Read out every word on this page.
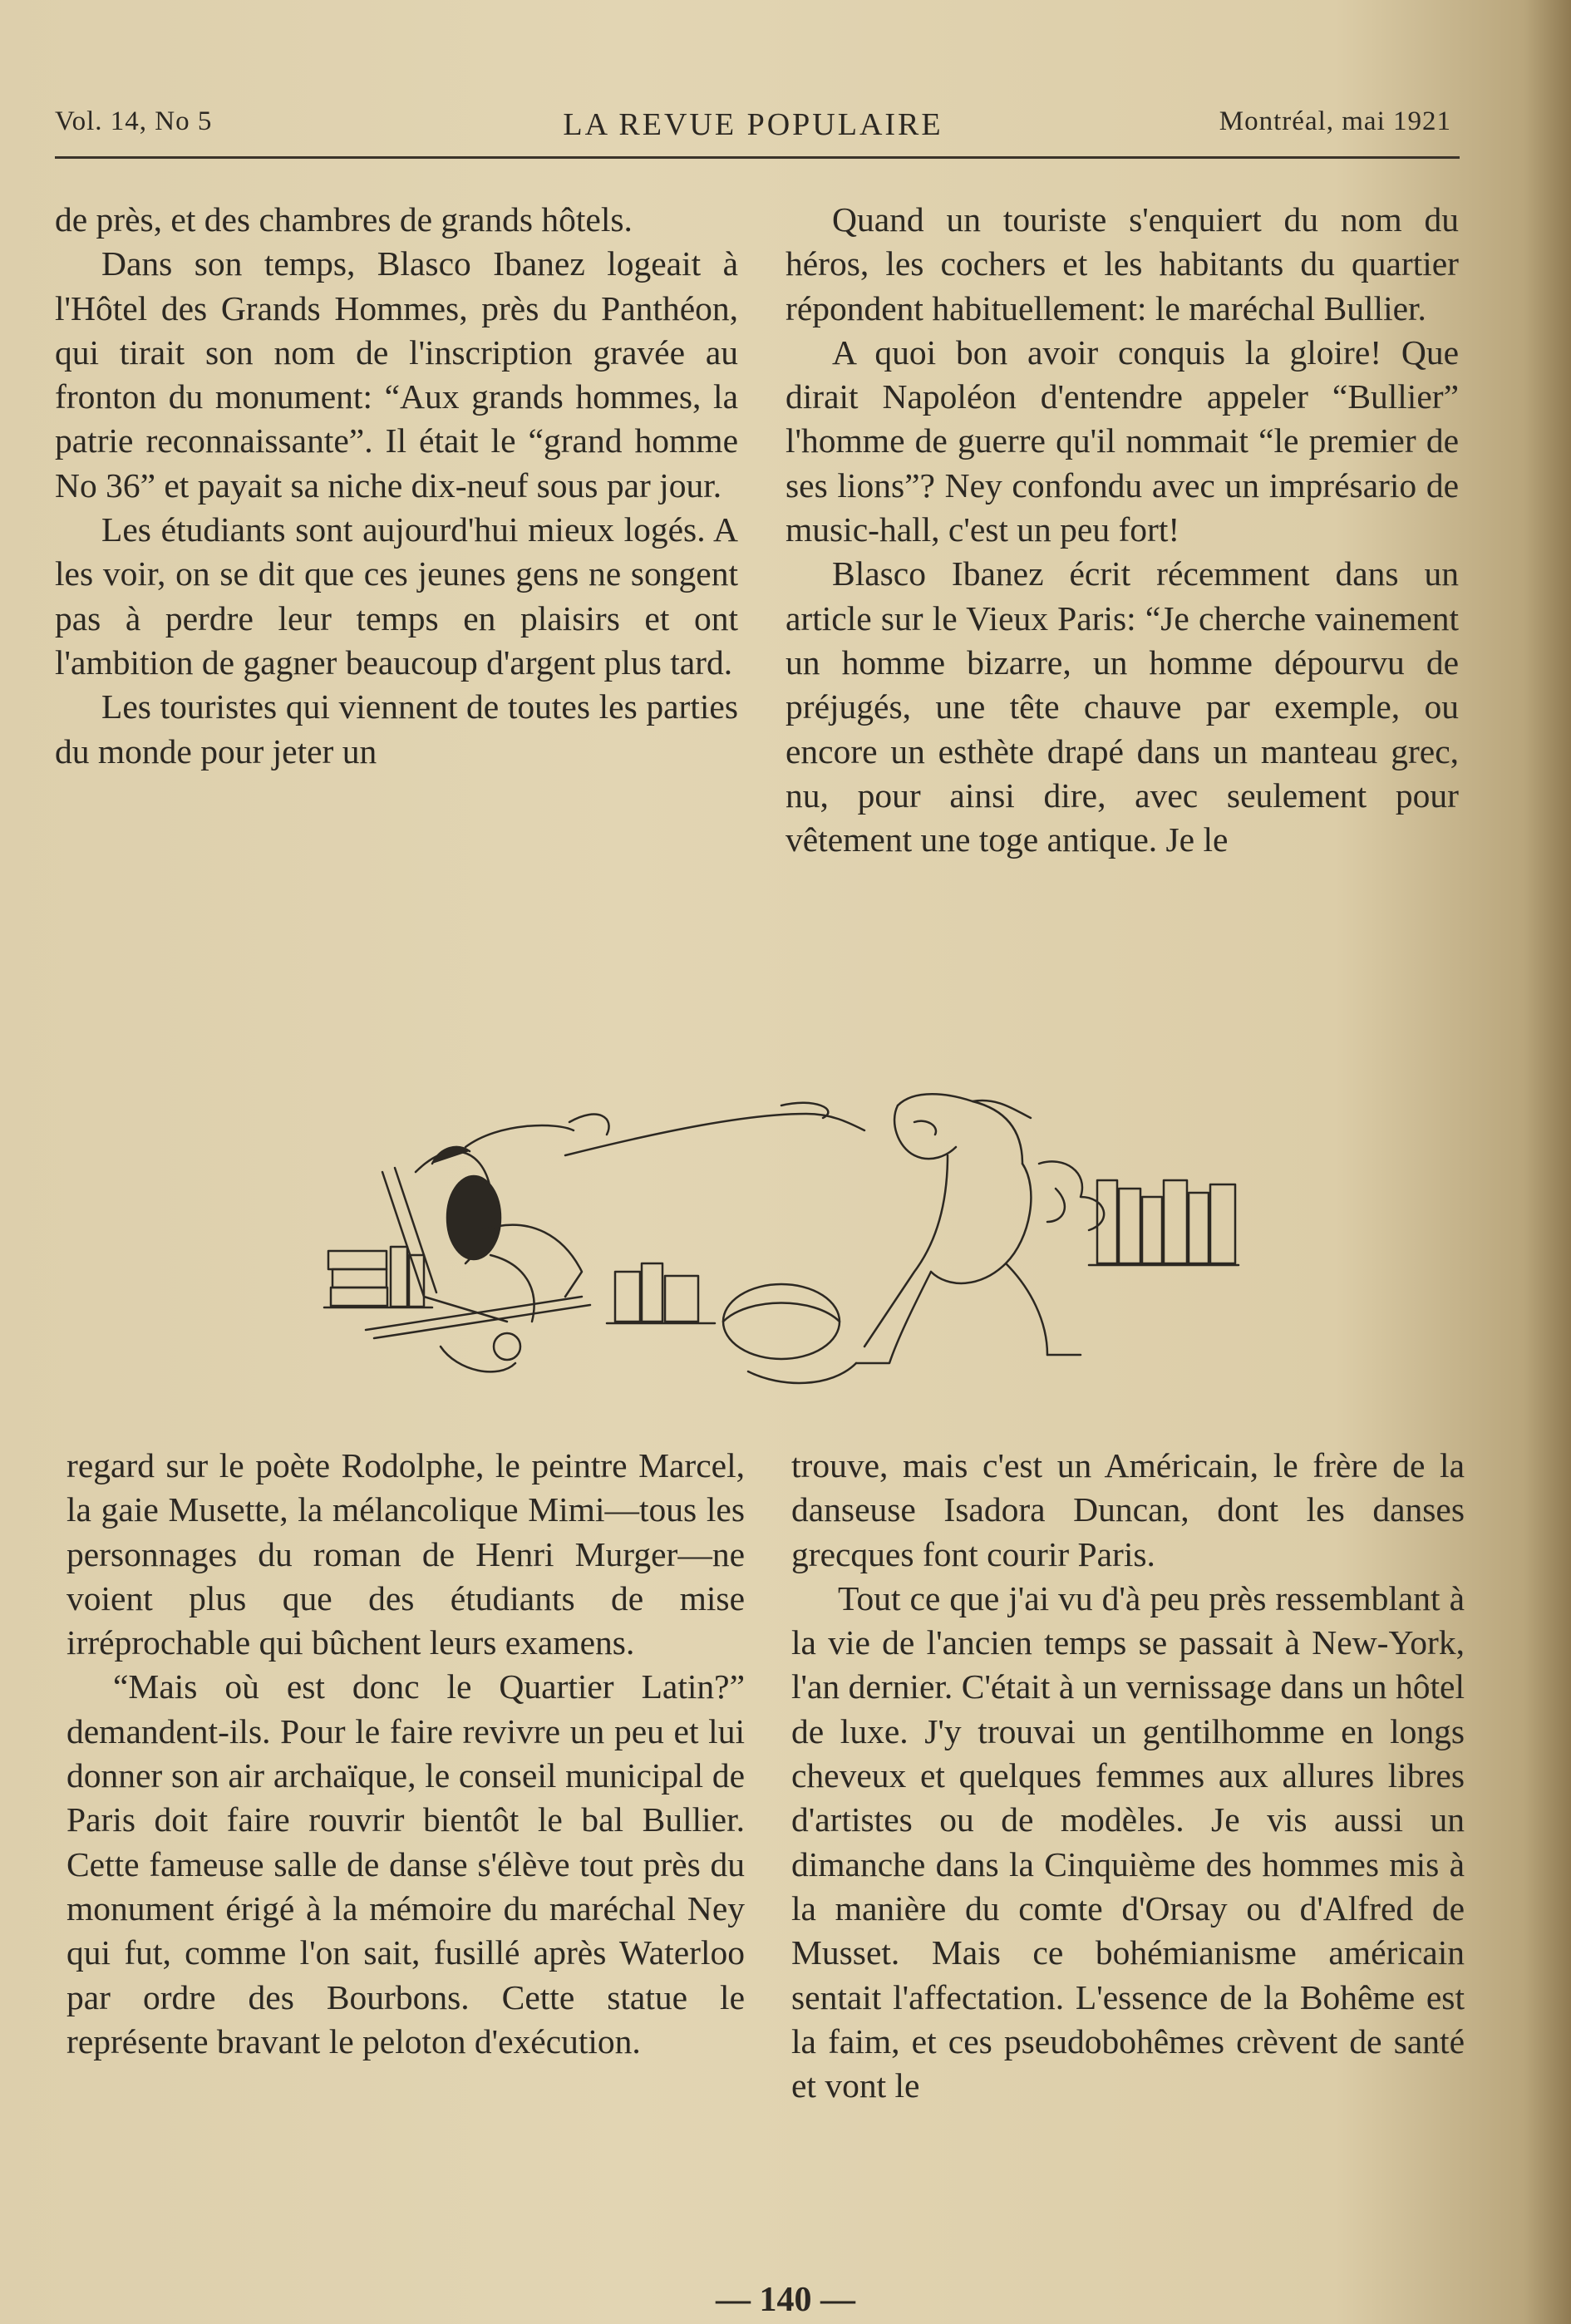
Vol. 14, No 5	LA REVUE POPULAIRE	Montréal, mai 1921

de près, et des chambres de grands hôtels.

Dans son temps, Blasco Ibanez logeait à l'Hôtel des Grands Hommes, près du Panthéon, qui tirait son nom de l'inscription gravée au fronton du monument: “Aux grands hommes, la patrie reconnaissante”. Il était le “grand homme No 36” et payait sa niche dix-neuf sous par jour.

Les étudiants sont aujourd'hui mieux logés. A les voir, on se dit que ces jeunes gens ne songent pas à perdre leur temps en plaisirs et ont l'ambition de gagner beaucoup d'argent plus tard.

Les touristes qui viennent de toutes les parties du monde pour jeter un

Quand un touriste s'enquiert du nom du héros, les cochers et les habitants du quartier répondent habituellement: le maréchal Bullier.

A quoi bon avoir conquis la gloire! Que dirait Napoléon d'entendre appeler “Bullier” l'homme de guerre qu'il nommait “le premier de ses lions”? Ney confondu avec un imprésario de music-hall, c'est un peu fort!

Blasco Ibanez écrit récemment dans un article sur le Vieux Paris: “Je cherche vainement un homme bizarre, un homme dépourvu de préjugés, une tête chauve par exemple, ou encore un esthète drapé dans un manteau grec, nu, pour ainsi dire, avec seulement pour vêtement une toge antique. Je le

regard sur le poète Rodolphe, le peintre Marcel, la gaie Musette, la mélancolique Mimi—tous les personnages du roman de Henri Murger—ne voient plus que des étudiants de mise irréprochable qui bûchent leurs examens.

“Mais où est donc le Quartier Latin?” demandent-ils. Pour le faire revivre un peu et lui donner son air archaïque, le conseil municipal de Paris doit faire rouvrir bientôt le bal Bullier. Cette fameuse salle de danse s'élève tout près du monument érigé à la mémoire du maréchal Ney qui fut, comme l'on sait, fusillé après Waterloo par ordre des Bourbons. Cette statue le représente bravant le peloton d'exécution.

trouve, mais c'est un Américain, le frère de la danseuse Isadora Duncan, dont les danses grecques font courir Paris.

Tout ce que j'ai vu d'à peu près ressemblant à la vie de l'ancien temps se passait à New-York, l'an dernier. C'était à un vernissage dans un hôtel de luxe. J'y trouvai un gentilhomme en longs cheveux et quelques femmes aux allures libres d'artistes ou de modèles. Je vis aussi un dimanche dans la Cinquième des hommes mis à la manière du comte d'Orsay ou d'Alfred de Musset. Mais ce bohémianisme américain sentait l'affectation. L'essence de la Bohême est la faim, et ces pseudobohêmes crèvent de santé et vont le

— 140 —
